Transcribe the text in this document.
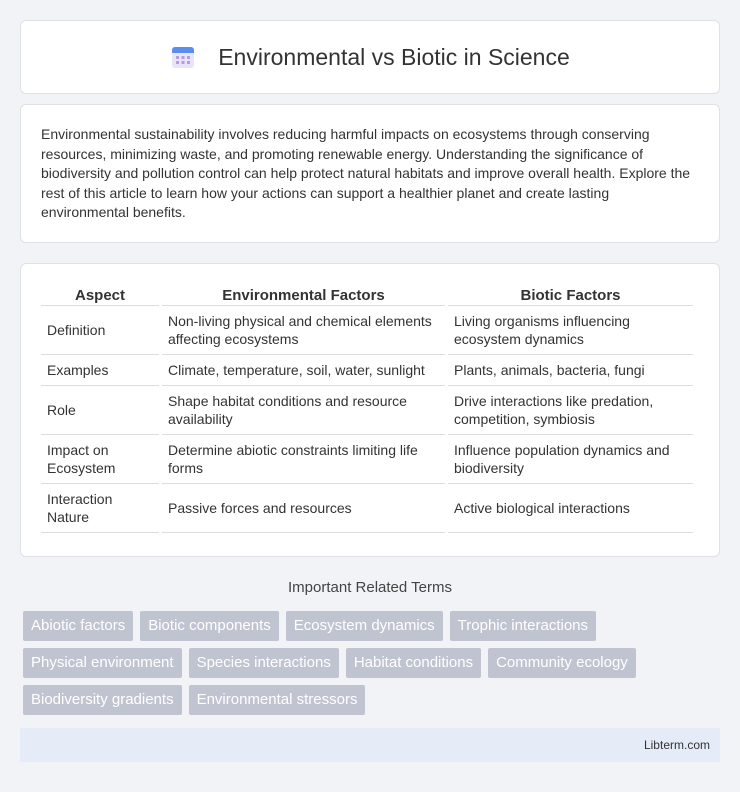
Environmental vs Biotic in Science

Environmental sustainability involves reducing harmful impacts on ecosystems through conserving resources, minimizing waste, and promoting renewable energy. Understanding the significance of biodiversity and pollution control can help protect natural habitats and improve overall health. Explore the rest of this article to learn how your actions can support a healthier planet and create lasting environmental benefits.

Aspect	Environmental Factors	Biotic Factors
Definition	Non-living physical and chemical elements affecting ecosystems	Living organisms influencing ecosystem dynamics
Examples	Climate, temperature, soil, water, sunlight	Plants, animals, bacteria, fungi
Role	Shape habitat conditions and resource availability	Drive interactions like predation, competition, symbiosis
Impact on Ecosystem	Determine abiotic constraints limiting life forms	Influence population dynamics and biodiversity
Interaction Nature	Passive forces and resources	Active biological interactions
Important Related Terms
Abiotic factors	Biotic components	Ecosystem dynamics	Trophic interactions
Physical environment	Species interactions	Habitat conditions	Community ecology
Biodiversity gradients	Environmental stressors
Libterm.com
